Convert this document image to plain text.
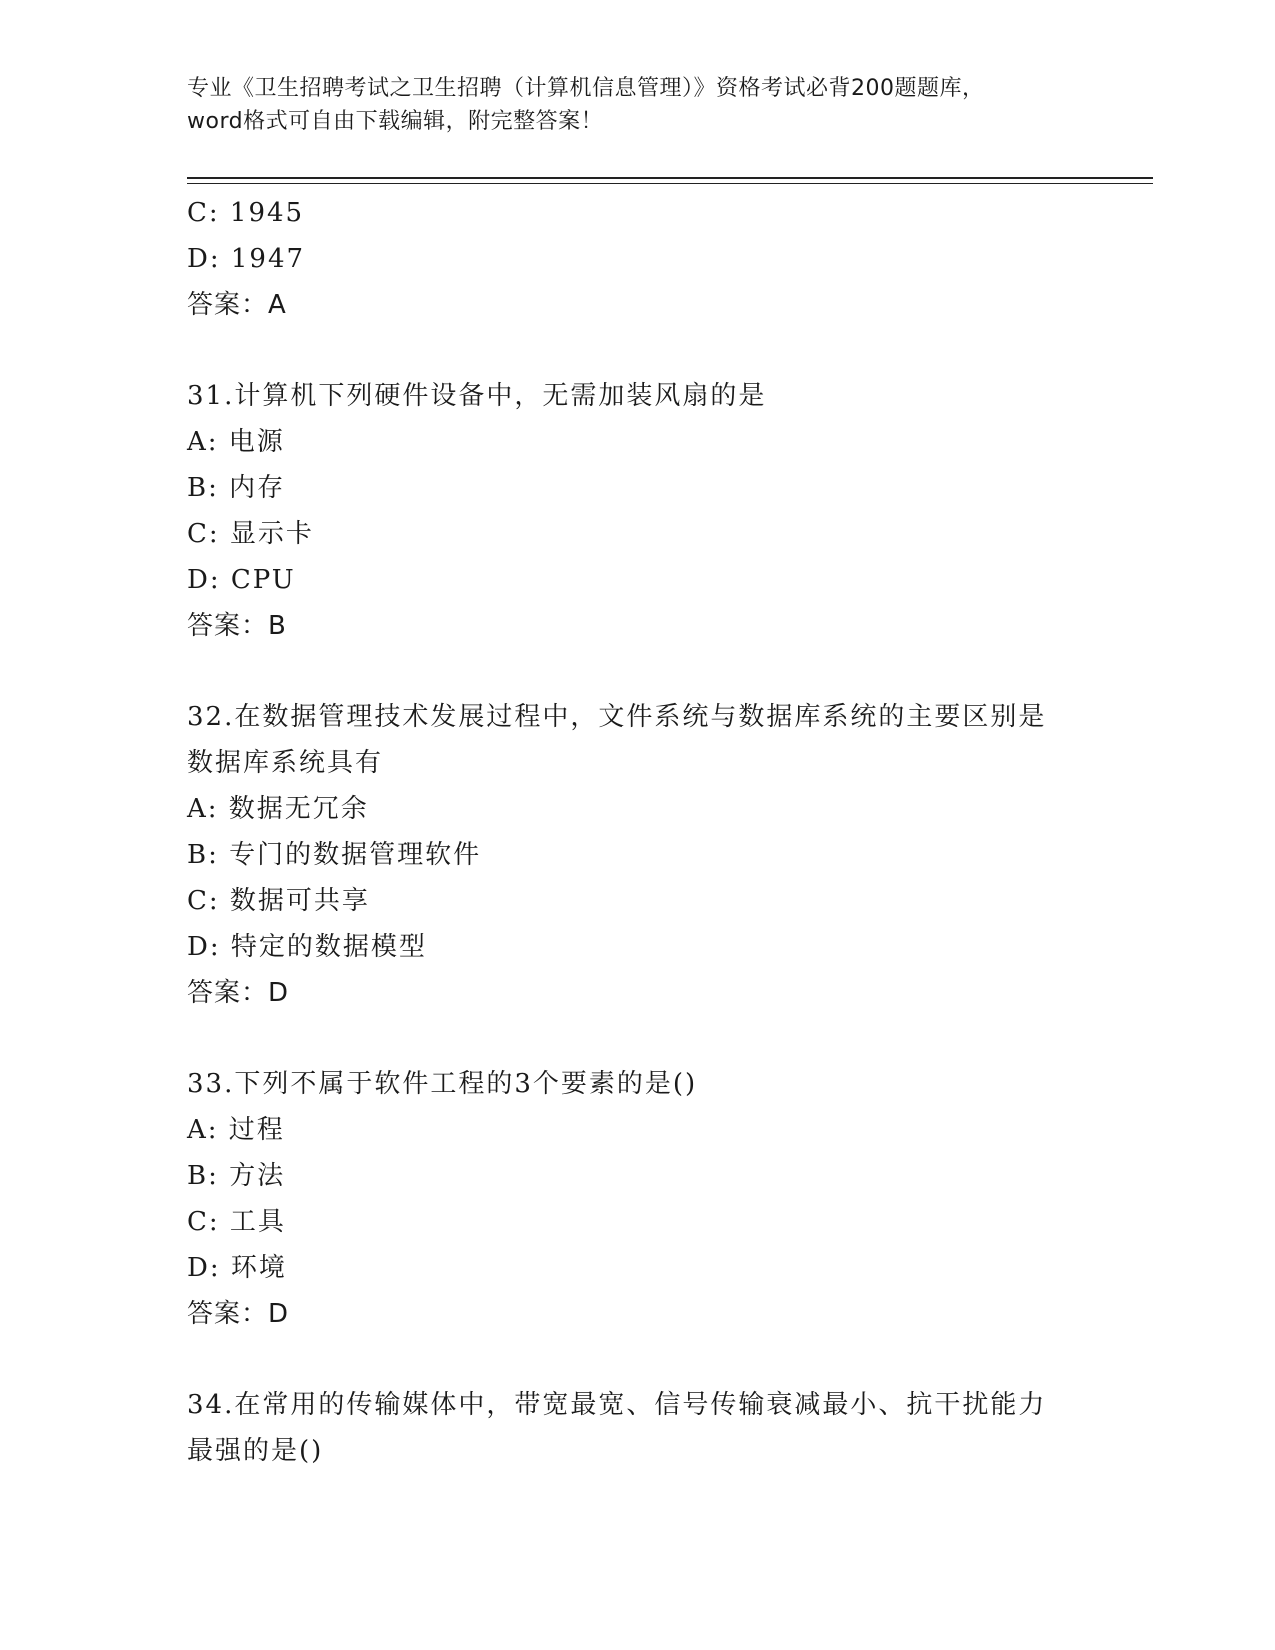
专业《卫生招聘考试之卫生招聘（计算机信息管理）》资格考试必背200题题库，
word格式可自由下载编辑，附完整答案！
C: 1945
D: 1947
答案：A
31.计算机下列硬件设备中，无需加装风扇的是
A: 电源
B: 内存
C: 显示卡
D: CPU
答案：B
32.在数据管理技术发展过程中，文件系统与数据库系统的主要区别是
数据库系统具有
A: 数据无冗余
B: 专门的数据管理软件
C: 数据可共享
D: 特定的数据模型
答案：D
33.下列不属于软件工程的3个要素的是()
A: 过程
B: 方法
C: 工具
D: 环境
答案：D
34.在常用的传输媒体中，带宽最宽、信号传输衰减最小、抗干扰能力
最强的是()
